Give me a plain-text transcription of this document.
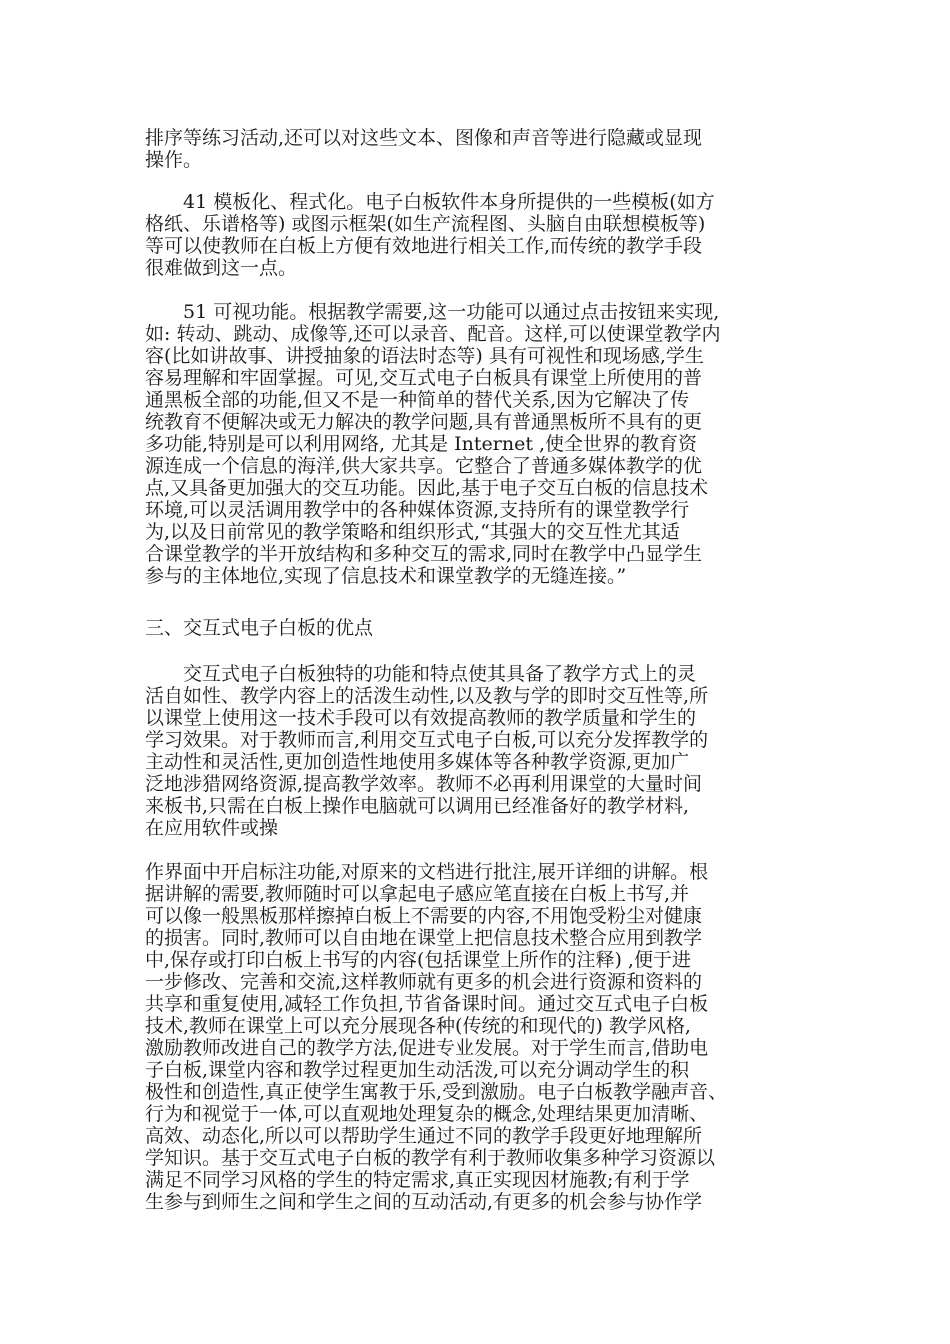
排序等练习活动,还可以对这些文本、图像和声音等进行隐藏或显现
操作。

41 模板化、程式化。电子白板软件本身所提供的一些模板(如方
格纸、乐谱格等) 或图示框架(如生产流程图、头脑自由联想模板等)
等可以使教师在白板上方便有效地进行相关工作,而传统的教学手段
很难做到这一点。

51 可视功能。根据教学需要,这一功能可以通过点击按钮来实现,
如: 转动、跳动、成像等,还可以录音、配音。这样,可以使课堂教学内
容(比如讲故事、讲授抽象的语法时态等) 具有可视性和现场感,学生
容易理解和牢固掌握。可见,交互式电子白板具有课堂上所使用的普
通黑板全部的功能,但又不是一种简单的替代关系,因为它解决了传
统教育不便解决或无力解决的教学问题,具有普通黑板所不具有的更
多功能,特别是可以利用网络, 尤其是 Internet ,使全世界的教育资
源连成一个信息的海洋,供大家共享。它整合了普通多媒体教学的优
点,又具备更加强大的交互功能。因此,基于电子交互白板的信息技术
环境,可以灵活调用教学中的各种媒体资源,支持所有的课堂教学行
为,以及日前常见的教学策略和组织形式,“其强大的交互性尤其适
合课堂教学的半开放结构和多种交互的需求,同时在教学中凸显学生
参与的主体地位,实现了信息技术和课堂教学的无缝连接。”

三、交互式电子白板的优点

交互式电子白板独特的功能和特点使其具备了教学方式上的灵
活自如性、教学内容上的活泼生动性,以及教与学的即时交互性等,所
以课堂上使用这一技术手段可以有效提高教师的教学质量和学生的
学习效果。对于教师而言,利用交互式电子白板,可以充分发挥教学的
主动性和灵活性,更加创造性地使用多媒体等各种教学资源,更加广
泛地涉猎网络资源,提高教学效率。教师不必再利用课堂的大量时间
来板书,只需在白板上操作电脑就可以调用已经准备好的教学材料,
在应用软件或操

作界面中开启标注功能,对原来的文档进行批注,展开详细的讲解。根
据讲解的需要,教师随时可以拿起电子感应笔直接在白板上书写,并
可以像一般黑板那样擦掉白板上不需要的内容,不用饱受粉尘对健康
的损害。同时,教师可以自由地在课堂上把信息技术整合应用到教学
中,保存或打印白板上书写的内容(包括课堂上所作的注释) ,便于进
一步修改、完善和交流,这样教师就有更多的机会进行资源和资料的
共享和重复使用,减轻工作负担,节省备课时间。通过交互式电子白板
技术,教师在课堂上可以充分展现各种(传统的和现代的) 教学风格,
激励教师改进自己的教学方法,促进专业发展。对于学生而言,借助电
子白板,课堂内容和教学过程更加生动活泼,可以充分调动学生的积
极性和创造性,真正使学生寓教于乐,受到激励。电子白板教学融声音、
行为和视觉于一体,可以直观地处理复杂的概念,处理结果更加清晰、
高效、动态化,所以可以帮助学生通过不同的教学手段更好地理解所
学知识。基于交互式电子白板的教学有利于教师收集多种学习资源以
满足不同学习风格的学生的特定需求,真正实现因材施教;有利于学
生参与到师生之间和学生之间的互动活动,有更多的机会参与协作学
